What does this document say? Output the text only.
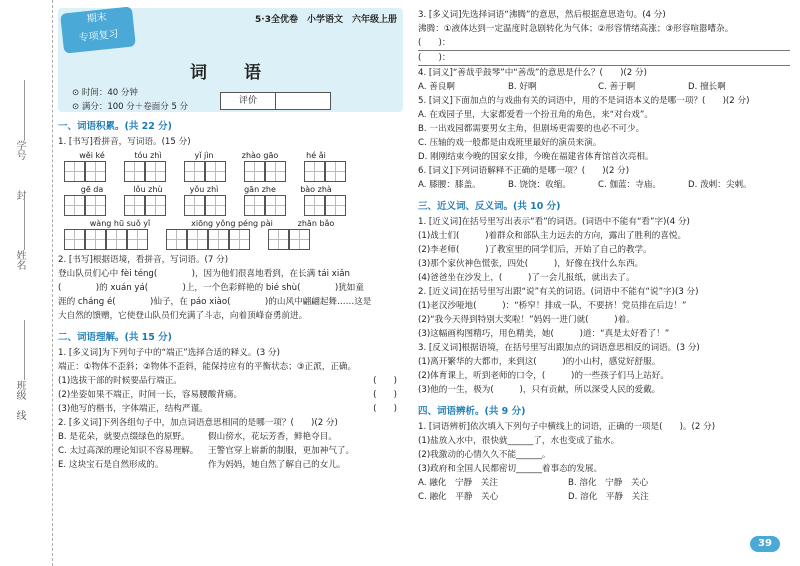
学号
封
姓名
班级
线
期末
专项复习
5·3全优卷　小学语文　六年级上册
词　语
⊙ 时间：40 分钟
⊙ 满分：100 分＋卷面分 5 分
评价
一、词语积累。(共 22 分)

1. [书写]看拼音，写词语。(15 分)

wěi ké	tóu zhì	yǐ jìn	zhào gāo	hé ǎi
gē da	lǒu zhù	yǒu zhì	gān zhe	bào zhà
wàng hū suǒ yǐ	xiōng yǒng péng pài	zhān bǎo

2. [书写]根据语境，看拼音，写词语。(7 分)

登山队员们心中 fèi téng(　　　　)，因为他们很喜地看到，在长满 tái xiǎn

(　　　　)的 xuán yá(　　　　)上，一个色彩鲜艳的 bié shù(　　　　)犹如童

涯的 cháng é(　　　　)仙子，在 páo xiào(　　　　)的山风中翩翩起舞……这是

大自然的馈赠，它使登山队员们充满了斗志，向着顶峰奋勇前进。

二、词语理解。(共 15 分)

1. [多义词]为下列句子中的“端正”选择合适的释义。(3 分)

端正：①物体不歪斜；②物体不歪斜，能保持应有的平衡状态；③正派，正确。

(1)选拔干部的时候要品行端正。	(　　)

(2)坐姿如果不端正，时间一长，容易腰酸背痛。	(　　)

(3)他写的楷书，字体端正，结构严谨。	(　　)

2. [多义词]下列各组句子中，加点词语意思相同的是哪一项？(　　)(2 分)

B. 是花朵，就要点缀绿色的原野。	假山傍水，花坛芳香，鲜艳夺目。
C. 太过高深的理论知识不容易理解。	王警官穿上崭新的制服，更加神气了。
E. 这块宝石是自然形成的。	作为妈妈，她自然了解自己的女儿。

3. [多义词]先选择词语“沸腾”的意思，然后根据意思造句。(4 分)

沸腾：①液体达到一定温度时急剧转化为气体；②形容情绪高涨；③形容喧嚣嘈杂。

(　　)：

(　　)：

4. [词义]“善哉乎鼓琴”中“善哉”的意思是什么？(　　)(2 分)

A. 善良啊	B. 好啊	C. 善于啊	D. 擅长啊

5. [词义]下面加点的与戏曲有关的词语中，用的不是词语本义的是哪一项？(　　)(2 分)

A. 在戏园子里，大家都爱看一个扮丑角的角色，来“对台戏”。

B. 一出戏园都需要男女主角，但剧场更需要的也必不可少。

C. 压轴的戏一般都是由戏班里最好的演员来演。

D. 刚刚结束今晚的国家女排，今晚在福建省体育馆首次亮相。

6. [词义]下列词语解释不正确的是哪一项？(　　)(2 分)

A. 膝腰：膝盖。	B. 饶饶：收缩。	C. 伽蓝：寺庙。	D. 泼剌：尖剌。
三、近义词、反义词。(共 10 分)

1. [近义词]在括号里写出表示“看”的词语。(词语中不能有“看”字)(4 分)

(1)战士们(　　　)着群众和部队主力远去的方向，露出了胜利的喜悦。

(2)李老师(　　　)了教室里的同学们后，开始了自己的教学。

(3)那个家伙神色慌张，四处(　　　)，好像在找什么东西。

(4)爸爸坐在沙发上，(　　　)了一会儿报纸，就出去了。

2. [近义词]在括号里写出跟“说”有关的词语。(词语中不能有“说”字)(3 分)

(1)老汉沙哑地(　　　)：“桥窄！排成一队，不要挤！党员排在后边！”

(2)“我今天得到特别大奖啦！”妈妈一进门就(　　　)着。

(3)这幅画构图精巧，用色精美，她(　　　)道：“真是太好看了！”

3. [反义词]根据语境，在括号里写出跟加点的词语意思相反的词语。(3 分)

(1)离开繁华的大都市，来到这(　　　)的小山村，感觉好舒服。

(2)体育课上，听到老师的口令，(　　　)的一些孩子们马上站好。

(3)他的一生，极为(　　　)，只有贡献，所以深受人民的爱戴。

四、词语辨析。(共 9 分)

1. [词语辨析]依次填入下列句子中横线上的词语，正确的一项是(　　)。(2 分)

(1)盐放入水中，很快就______了，水也变成了盐水。

(2)我激动的心情久久不能______。

(3)政府和全国人民都密切______着事态的发展。

A. 融化　宁静　关注	B. 溶化　宁静　关心
C. 融化　平静　关心	D. 溶化　平静　关注
39
